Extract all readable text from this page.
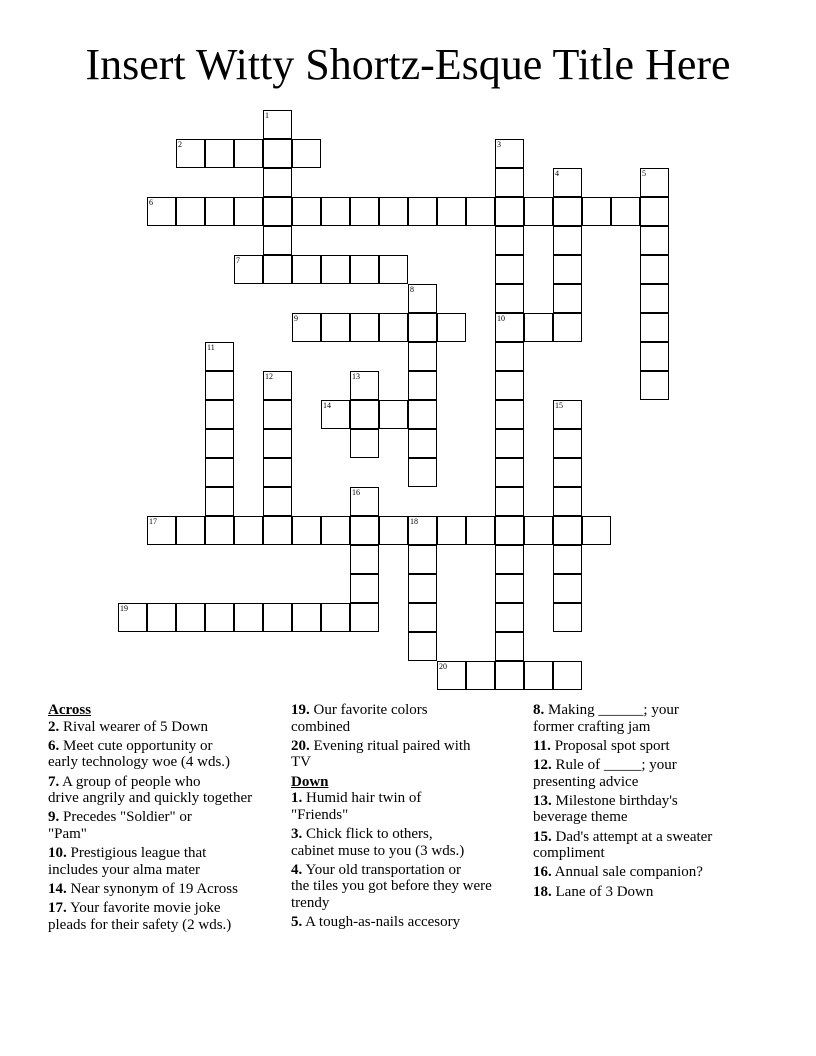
Insert Witty Shortz-Esque Title Here
2
6
7
9	10
14
17	18
19
20
1
3
4	5
8
11
12	13
15
16
Across
2. Rival wearer of 5 Down
6. Meet cute opportunity or
early technology woe (4 wds.)
7. A group of people who
drive angrily and quickly together
9. Precedes "Soldier" or
"Pam"
10. Prestigious league that
includes your alma mater
14. Near synonym of 19 Across
17. Your favorite movie joke
pleads for their safety (2 wds.)
19. Our favorite colors
combined
20. Evening ritual paired with
TV
Down
1. Humid hair twin of
"Friends"
3. Chick flick to others,
cabinet muse to you (3 wds.)
4. Your old transportation or
the tiles you got before they were
trendy
5. A tough-as-nails accesory
8. Making ______; your
former crafting jam
11. Proposal spot sport
12. Rule of _____; your
presenting advice
13. Milestone birthday's
beverage theme
15. Dad's attempt at a sweater
compliment
16. Annual sale companion?
18. Lane of 3 Down
